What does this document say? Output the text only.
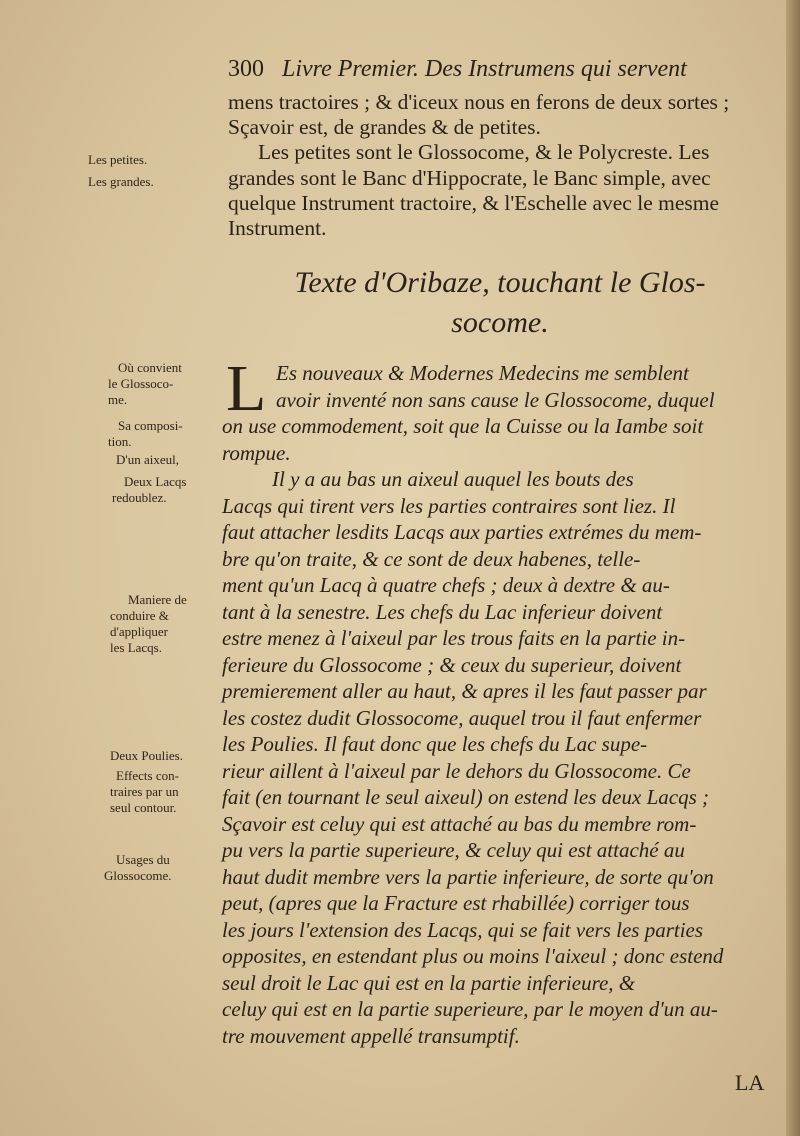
300 Livre Premier. Des Instrumens qui servent
mens tractoires ; & d'iceux nous en ferons de deux sortes ;
Sçavoir est, de grandes & de petites.
Les petites sont le Glossocome, & le Polycreste. Les
grandes sont le Banc d'Hippocrate, le Banc simple, avec
quelque Instrument tractoire, & l'Eschelle avec le mesme
Instrument.
Texte d'Oribaze, touchant le Glos-
socome.
L Es nouveaux & Modernes Medecins me semblent
avoir inventé non sans cause le Glossocome, duquel
on use commodement, soit que la Cuisse ou la Iambe soit
rompue.
Il y a au bas un aixeul auquel les bouts des
Lacqs qui tirent vers les parties contraires sont liez. Il
faut attacher lesdits Lacqs aux parties extrémes du mem-
bre qu'on traite, & ce sont de deux habenes, telle-
ment qu'un Lacq à quatre chefs ; deux à dextre & au-
tant à la senestre. Les chefs du Lac inferieur doivent
estre menez à l'aixeul par les trous faits en la partie in-
ferieure du Glossocome ; & ceux du superieur, doivent
premierement aller au haut, & apres il les faut passer par
les costez dudit Glossocome, auquel trou il faut enfermer
les Poulies. Il faut donc que les chefs du Lac supe-
rieur aillent à l'aixeul par le dehors du Glossocome. Ce
fait (en tournant le seul aixeul) on estend les deux Lacqs ;
Sçavoir est celuy qui est attaché au bas du membre rom-
pu vers la partie superieure, & celuy qui est attaché au
haut dudit membre vers la partie inferieure, de sorte qu'on
peut, (apres que la Fracture est rhabillée) corriger tous
les jours l'extension des Lacqs, qui se fait vers les parties
opposites, en estendant plus ou moins l'aixeul ; donc estend
seul droit le Lac qui est en la partie inferieure, &
celuy qui est en la partie superieure, par le moyen d'un au-
tre mouvement appellé transumptif.
Les petites.
Les grandes.
Où convient
le Glossoco-
me.
Sa composi-
tion.
D'un aixeul,
Deux Lacqs
redoublez.
Maniere de
conduire &
d'appliquer
les Lacqs.
Deux Poulies.
Effects con-
traires par un
seul contour.
Usages du
Glossocome.
LA
